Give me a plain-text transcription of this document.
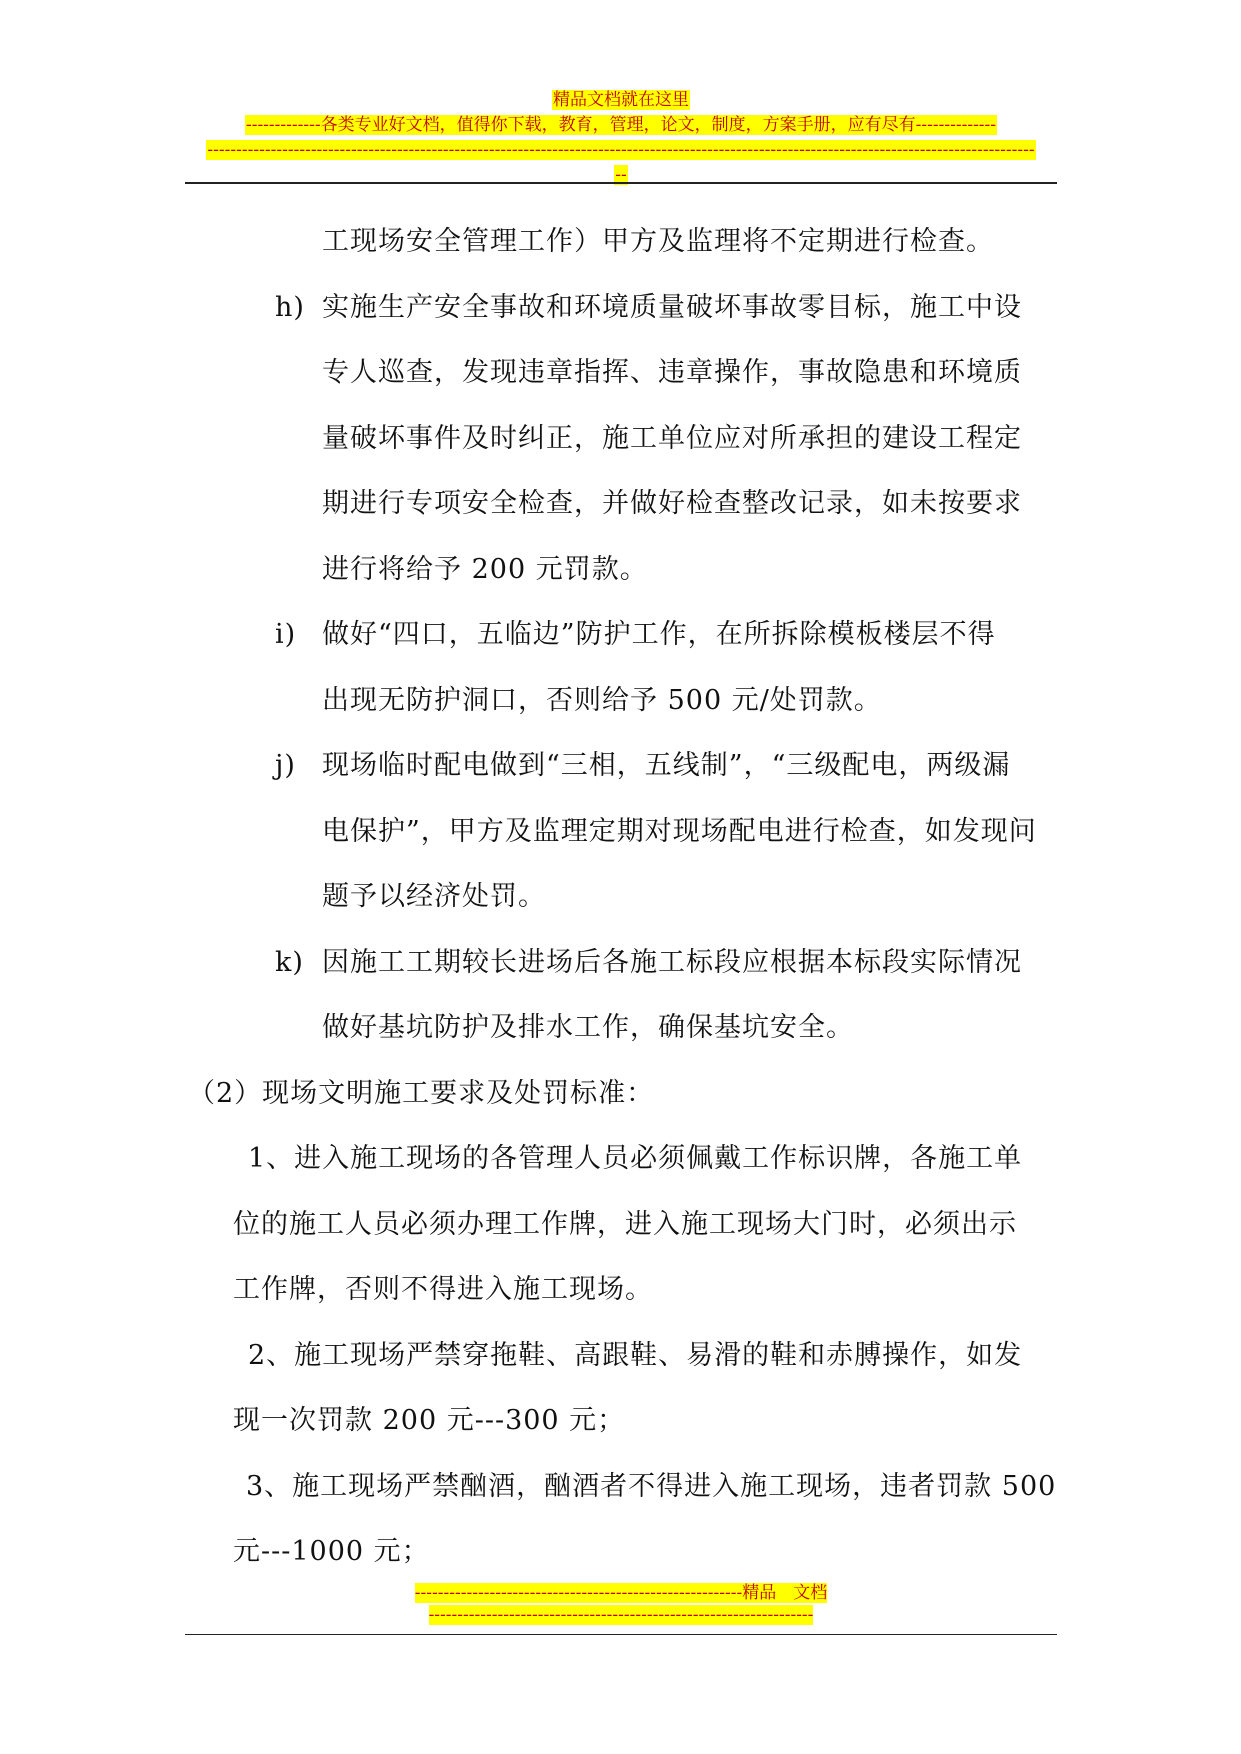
精品文档就在这里
-------------各类专业好文档，值得你下载，教育，管理，论文，制度，方案手册，应有尽有--------------
------------------------------------------------------------------------------------------------------------------------------------------------
--
工现场安全管理工作）甲方及监理将不定期进行检查。
h) 实施生产安全事故和环境质量破坏事故零目标，施工中设
专人巡查，发现违章指挥、违章操作，事故隐患和环境质
量破坏事件及时纠正，施工单位应对所承担的建设工程定
期进行专项安全检查，并做好检查整改记录，如未按要求
进行将给予 200 元罚款。
i) 做好“四口，五临边”防护工作，在所拆除模板楼层不得
出现无防护洞口，否则给予 500 元/处罚款。
j) 现场临时配电做到“三相，五线制”，“三级配电，两级漏
电保护”，甲方及监理定期对现场配电进行检查，如发现问
题予以经济处罚。
k) 因施工工期较长进场后各施工标段应根据本标段实际情况
做好基坑防护及排水工作，确保基坑安全。
（2）现场文明施工要求及处罚标准：
1、进入施工现场的各管理人员必须佩戴工作标识牌，各施工单
位的施工人员必须办理工作牌，进入施工现场大门时，必须出示
工作牌，否则不得进入施工现场。
2、施工现场严禁穿拖鞋、高跟鞋、易滑的鞋和赤膊操作，如发
现一次罚款 200 元---300 元；
3、施工现场严禁酗酒，酗酒者不得进入施工现场，违者罚款 500
元---1000 元；
---------------------------------------------------------精品　文档
-------------------------------------------------------------------
